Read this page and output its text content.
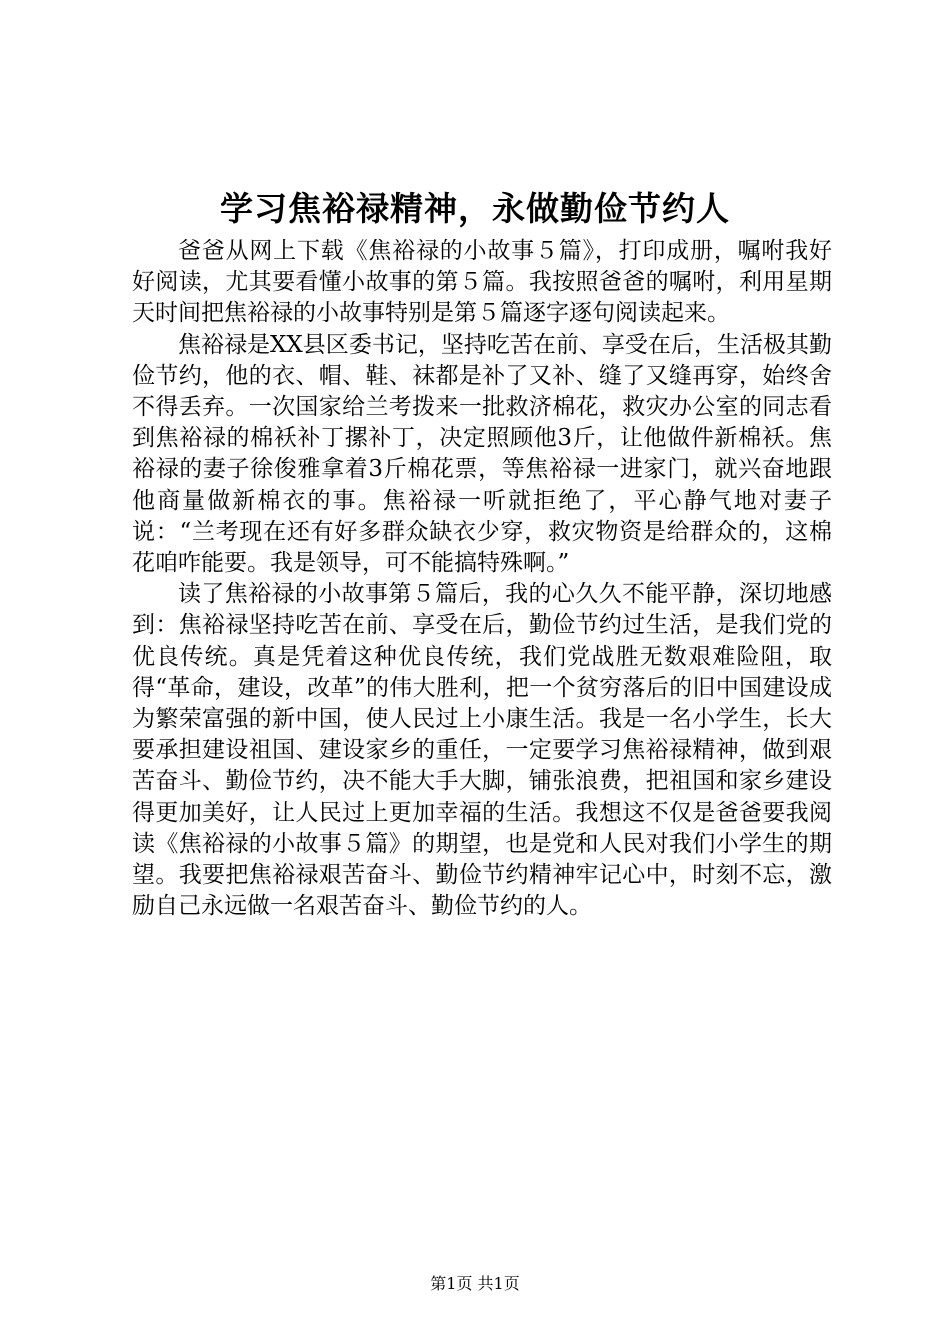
学习焦裕禄精神，永做勤俭节约人

爸爸从网上下载《焦裕禄的小故事５篇》，打印成册，嘱咐我好好阅读，尤其要看懂小故事的第５篇。我按照爸爸的嘱咐，利用星期天时间把焦裕禄的小故事特别是第５篇逐字逐句阅读起来。

焦裕禄是XX县区委书记，坚持吃苦在前、享受在后，生活极其勤俭节约，他的衣、帽、鞋、袜都是补了又补、缝了又缝再穿，始终舍不得丢弃。一次国家给兰考拨来一批救济棉花，救灾办公室的同志看到焦裕禄的棉袄补丁摞补丁，决定照顾他3斤，让他做件新棉袄。焦裕禄的妻子徐俊雅拿着3斤棉花票，等焦裕禄一进家门，就兴奋地跟他商量做新棉衣的事。焦裕禄一听就拒绝了，平心静气地对妻子说：“兰考现在还有好多群众缺衣少穿，救灾物资是给群众的，这棉花咱咋能要。我是领导，可不能搞特殊啊。”

读了焦裕禄的小故事第５篇后，我的心久久不能平静，深切地感到：焦裕禄坚持吃苦在前、享受在后，勤俭节约过生活，是我们党的优良传统。真是凭着这种优良传统，我们党战胜无数艰难险阻，取得“革命，建设，改革”的伟大胜利，把一个贫穷落后的旧中国建设成为繁荣富强的新中国，使人民过上小康生活。我是一名小学生，长大要承担建设祖国、建设家乡的重任，一定要学习焦裕禄精神，做到艰苦奋斗、勤俭节约，决不能大手大脚，铺张浪费，把祖国和家乡建设得更加美好，让人民过上更加幸福的生活。我想这不仅是爸爸要我阅读《焦裕禄的小故事５篇》的期望，也是党和人民对我们小学生的期望。我要把焦裕禄艰苦奋斗、勤俭节约精神牢记心中，时刻不忘，激励自己永远做一名艰苦奋斗、勤俭节约的人。

第1页 共1页
